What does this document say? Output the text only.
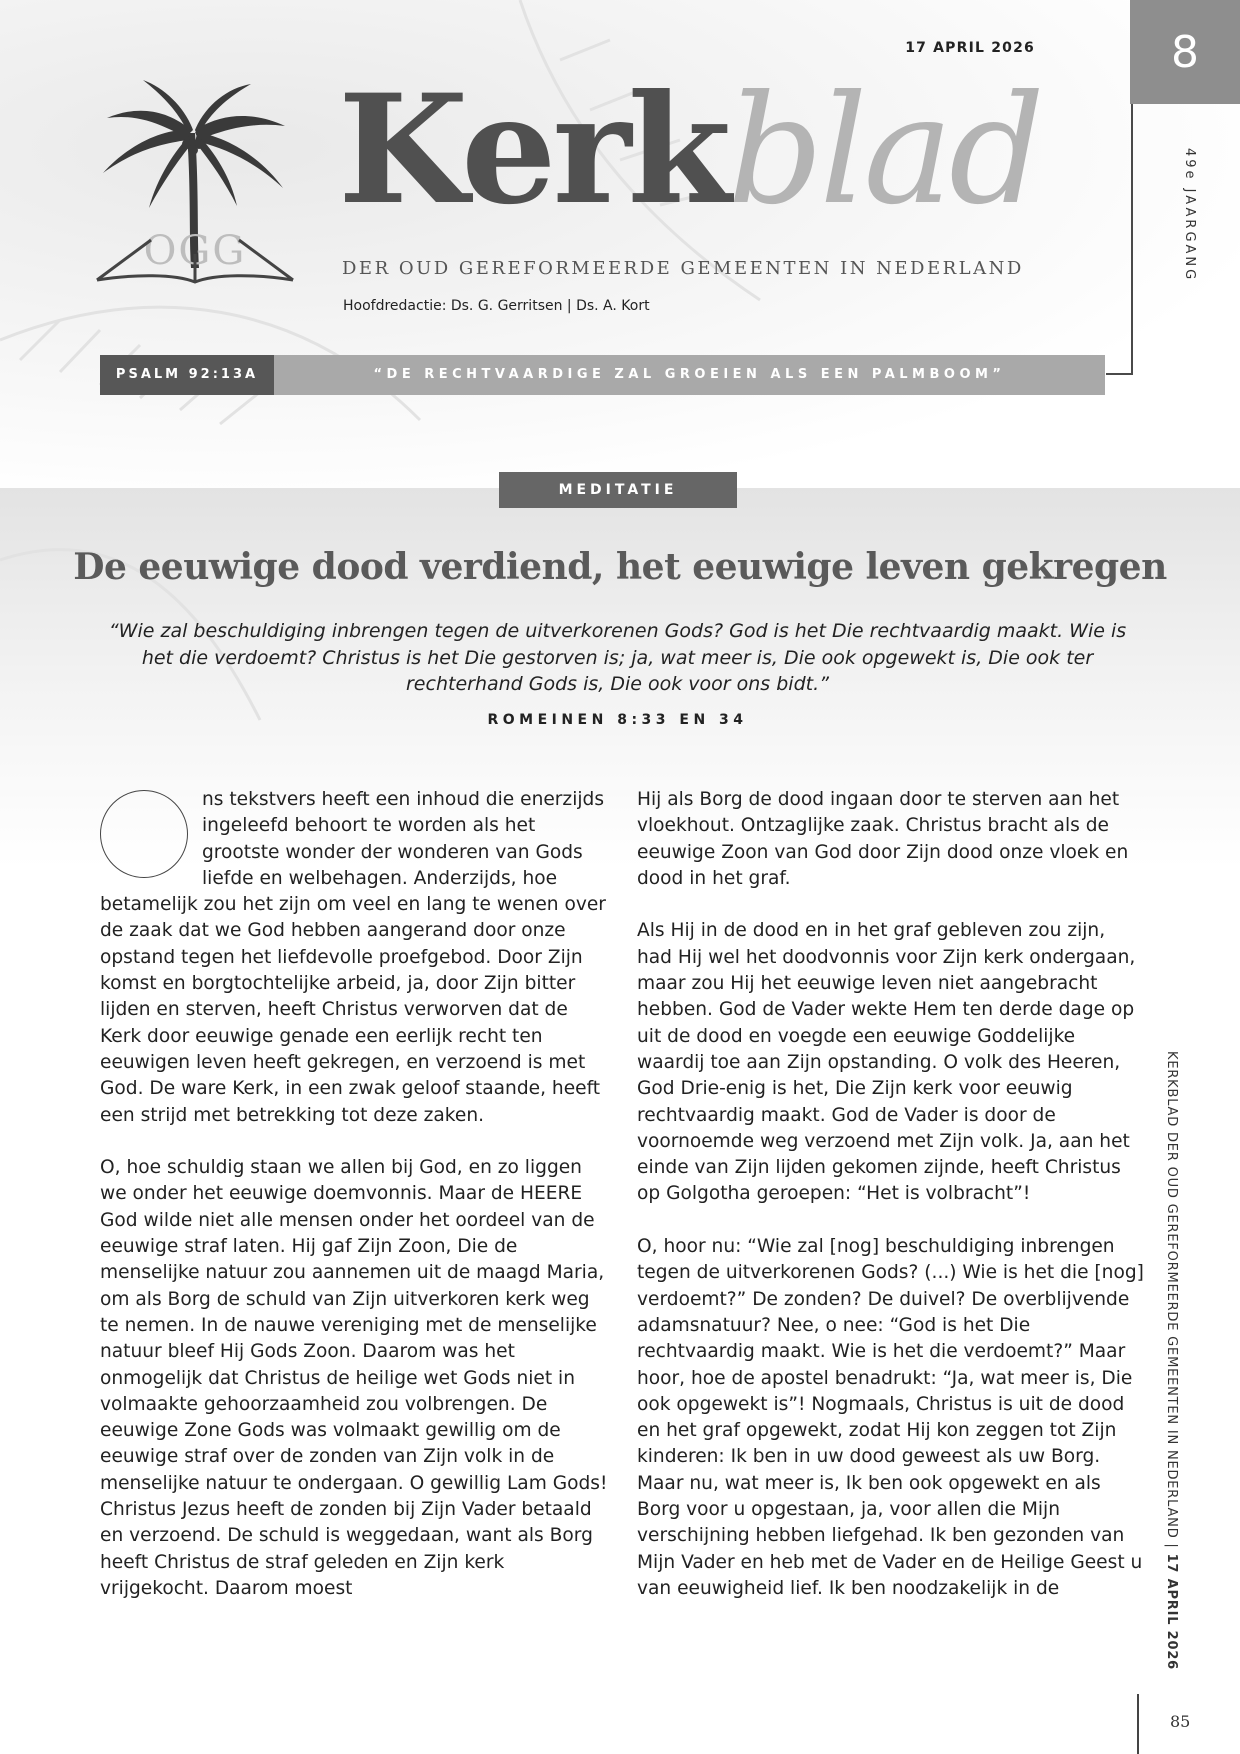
17 APRIL 2026	8
49e JAARGANG
OGG
Kerkblad
DER OUD GEREFORMEERDE GEMEENTEN IN NEDERLAND
Hoofdredactie: Ds. G. Gerritsen | Ds. A. Kort
PSALM 92:13A	“DE RECHTVAARDIGE ZAL GROEIEN ALS EEN PALMBOOM”
MEDITATIE
De eeuwige dood verdiend, het eeuwige leven gekregen
“Wie zal beschuldiging inbrengen tegen de uitverkorenen Gods? God is het Die rechtvaardig maakt. Wie is het die verdoemt? Christus is het Die gestorven is; ja, wat meer is, Die ook opgewekt is, Die ook ter rechterhand Gods is, Die ook voor ons bidt.”
ROMEINEN 8:33 EN 34

ns tekstvers heeft een inhoud die enerzijds ingeleefd behoort te worden als het grootste wonder der wonderen van Gods liefde en welbehagen. Anderzijds, hoe betamelijk zou het zijn om veel en lang te wenen over de zaak dat we God hebben aangerand door onze opstand tegen het liefdevolle proefgebod. Door Zijn komst en borgtochtelijke arbeid, ja, door Zijn bitter lijden en sterven, heeft Christus verworven dat de Kerk door eeuwige genade een eerlijk recht ten eeuwigen leven heeft gekregen, en verzoend is met God. De ware Kerk, in een zwak geloof staande, heeft een strijd met betrekking tot deze zaken.

O, hoe schuldig staan we allen bij God, en zo liggen we onder het eeuwige doemvonnis. Maar de HEERE God wilde niet alle mensen onder het oordeel van de eeuwige straf laten. Hij gaf Zijn Zoon, Die de menselijke natuur zou aannemen uit de maagd Maria, om als Borg de schuld van Zijn uitverkoren kerk weg te nemen. In de nauwe vereniging met de menselijke natuur bleef Hij Gods Zoon. Daarom was het onmogelijk dat Christus de heilige wet Gods niet in volmaakte gehoorzaamheid zou volbrengen. De eeuwige Zone Gods was volmaakt gewillig om de eeuwige straf over de zonden van Zijn volk in de menselijke natuur te ondergaan. O gewillig Lam Gods! Christus Jezus heeft de zonden bij Zijn Vader betaald en verzoend. De schuld is weggedaan, want als Borg heeft Christus de straf geleden en Zijn kerk vrijgekocht. Daarom moest

Hij als Borg de dood ingaan door te sterven aan het vloekhout. Ontzaglijke zaak. Christus bracht als de eeuwige Zoon van God door Zijn dood onze vloek en dood in het graf.

Als Hij in de dood en in het graf gebleven zou zijn, had Hij wel het doodvonnis voor Zijn kerk ondergaan, maar zou Hij het eeuwige leven niet aangebracht hebben. God de Vader wekte Hem ten derde dage op uit de dood en voegde een eeuwige Goddelijke waardij toe aan Zijn opstanding. O volk des Heeren, God Drie-enig is het, Die Zijn kerk voor eeuwig rechtvaardig maakt. God de Vader is door de voornoemde weg verzoend met Zijn volk. Ja, aan het einde van Zijn lijden gekomen zijnde, heeft Christus op Golgotha geroepen: “Het is volbracht”!

O, hoor nu: “Wie zal [nog] beschuldiging inbrengen tegen de uitverkorenen Gods? (...) Wie is het die [nog] verdoemt?” De zonden? De duivel? De overblijvende adamsnatuur? Nee, o nee: “God is het Die rechtvaardig maakt. Wie is het die verdoemt?” Maar hoor, hoe de apostel benadrukt: “Ja, wat meer is, Die ook opgewekt is”! Nogmaals, Christus is uit de dood en het graf opgewekt, zodat Hij kon zeggen tot Zijn kinderen: Ik ben in uw dood geweest als uw Borg. Maar nu, wat meer is, Ik ben ook opgewekt en als Borg voor u opgestaan, ja, voor allen die Mijn verschijning hebben liefgehad. Ik ben gezonden van Mijn Vader en heb met de Vader en de Heilige Geest u van eeuwigheid lief. Ik ben noodzakelijk in de

KERKBLAD DER OUD GEREFORMEERDE GEMEENTEN IN NEDERLAND | 17 APRIL 2026
85
